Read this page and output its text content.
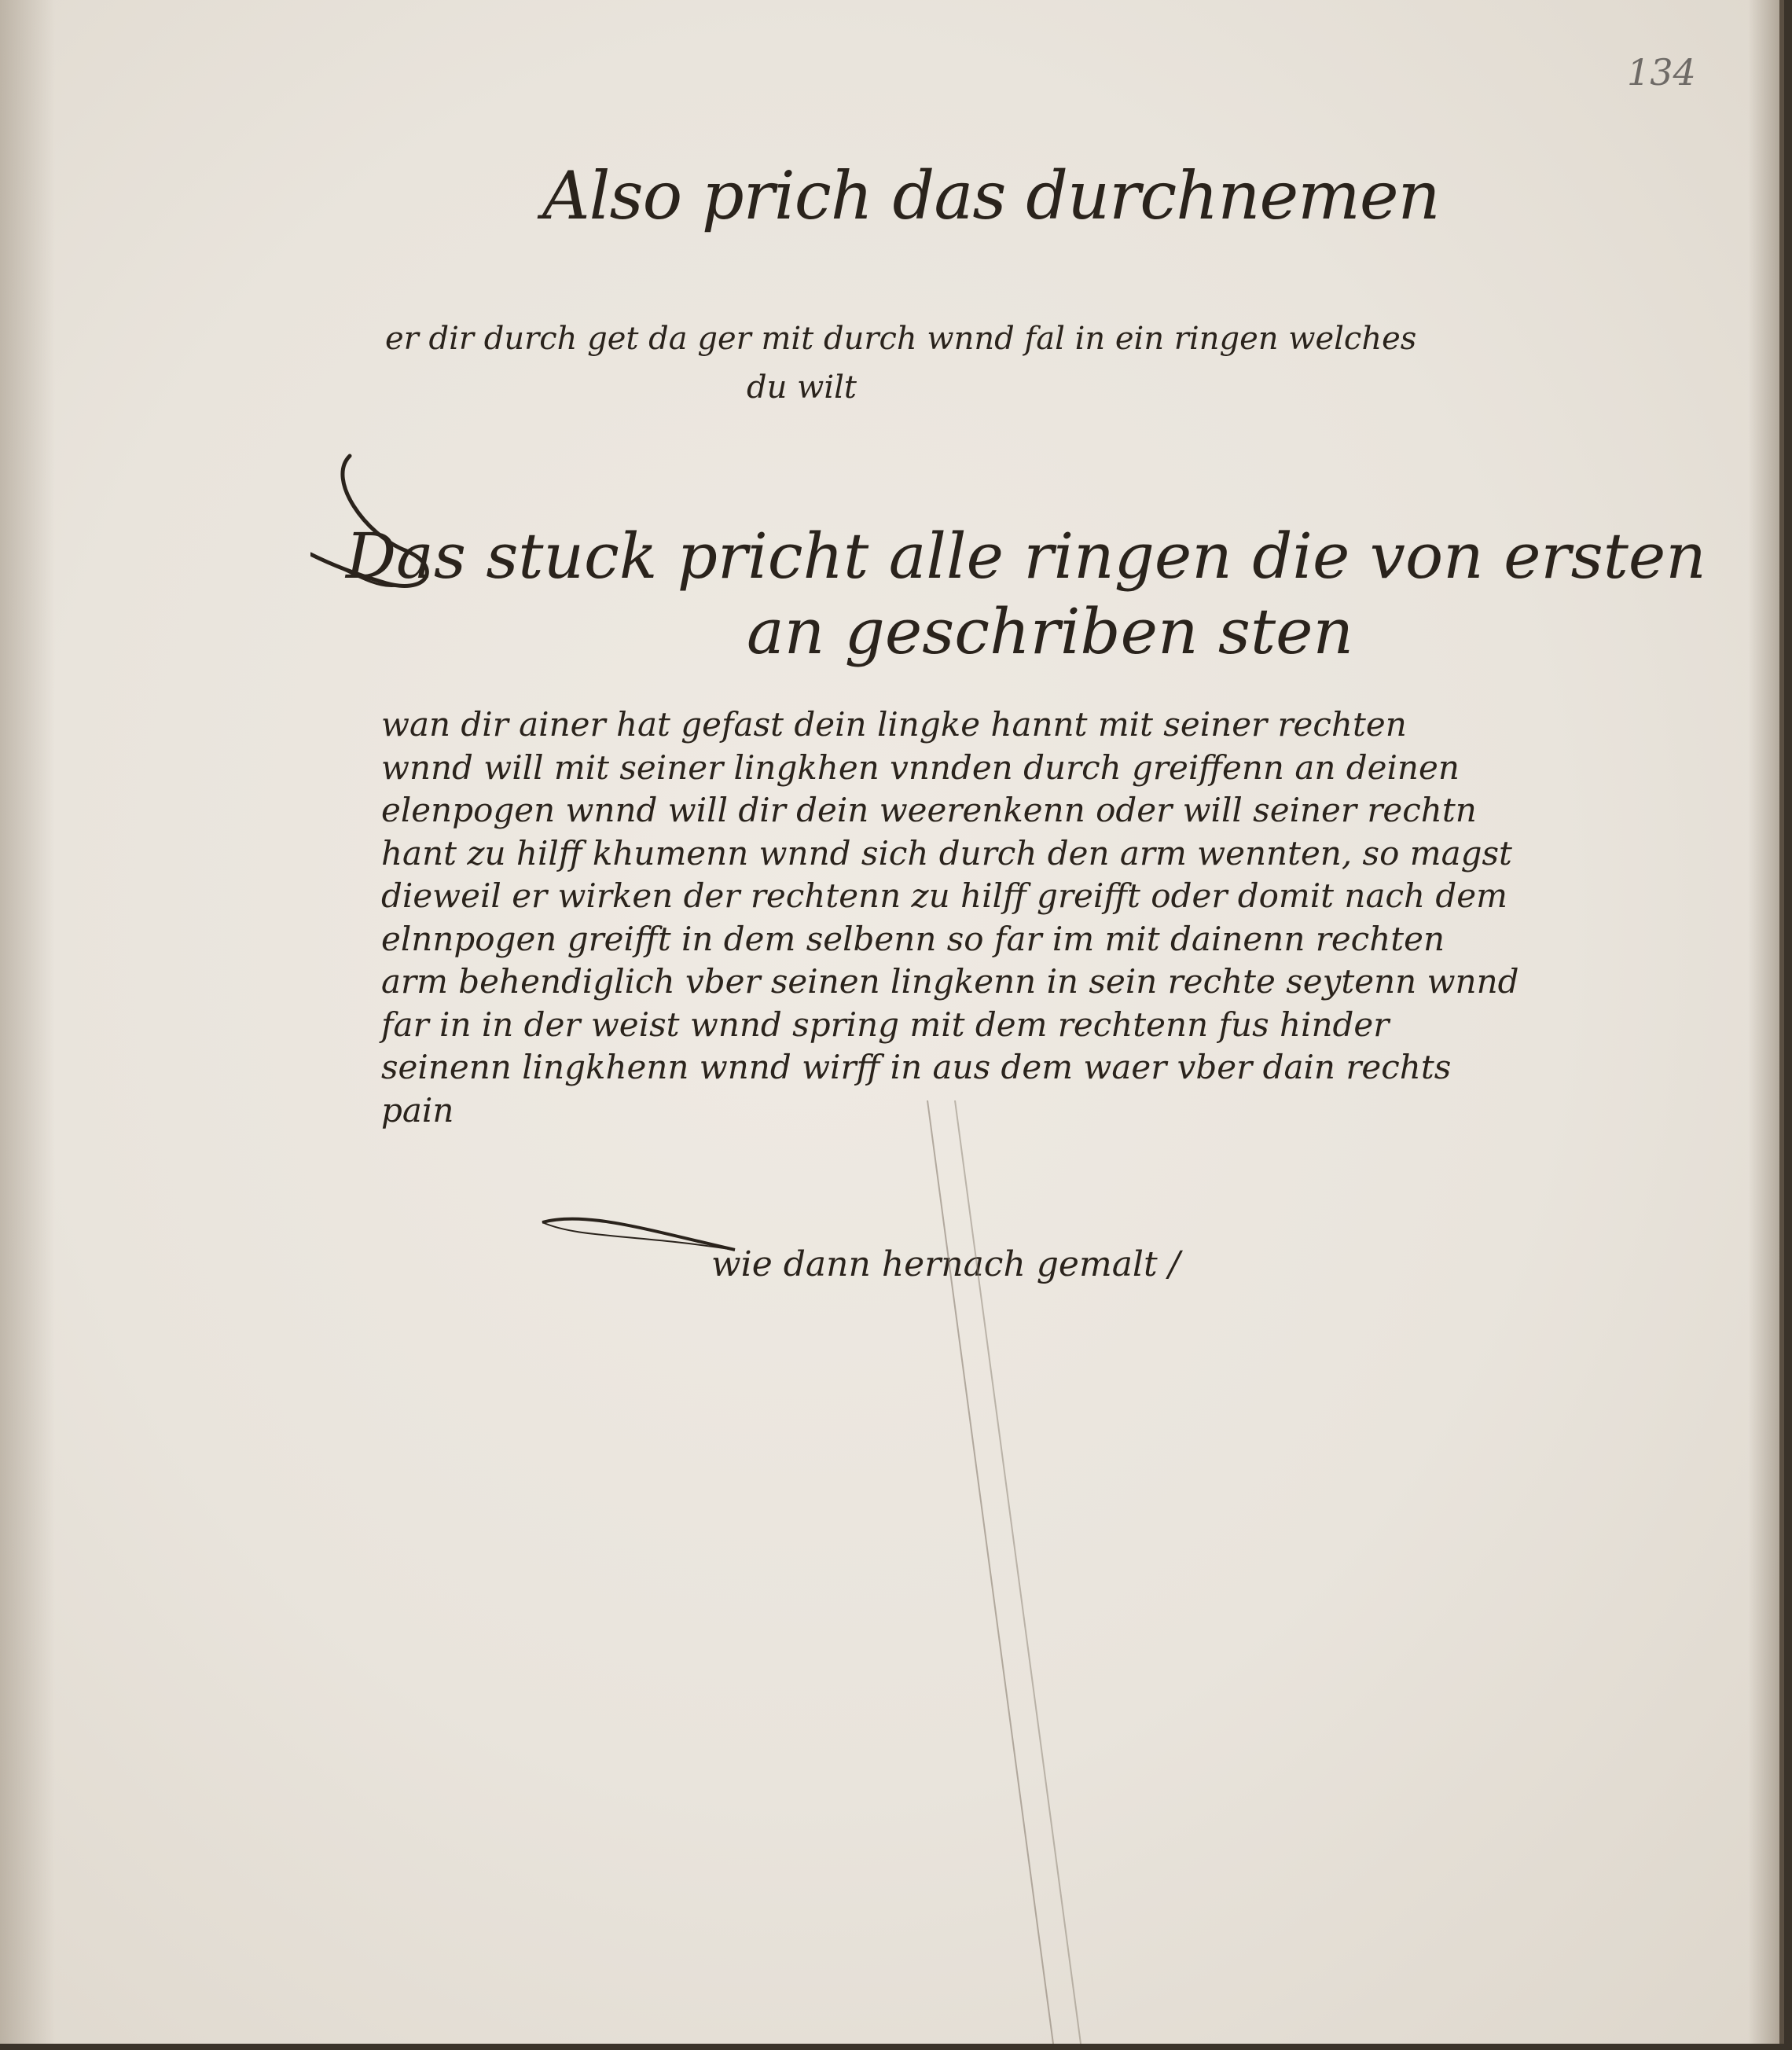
134
Also prich das durchnemen
er dir durch get da ger mit durch wnnd fal in ein ringen welches
du wilt
Das stuck pricht alle ringen die von ersten
an geschriben sten
wan dir ainer hat gefast dein lingke hannt mit seiner rechten
wnnd will mit seiner lingkhen vnnden durch greiffenn an deinen
elenpogen wnnd will dir dein weerenkenn oder will seiner rechtn
hant zu hilff khumenn wnnd sich durch den arm wennten, so magst
dieweil er wirken der rechtenn zu hilff greifft oder domit nach dem
elnnpogen greifft in dem selbenn so far im mit dainenn rechten
arm behendiglich vber seinen lingkenn in sein rechte seytenn wnnd
far in in der weist wnnd spring mit dem rechtenn fus hinder
seinenn lingkhenn wnnd wirff in aus dem waer vber dain rechts
pain
wie dann hernach gemalt /
